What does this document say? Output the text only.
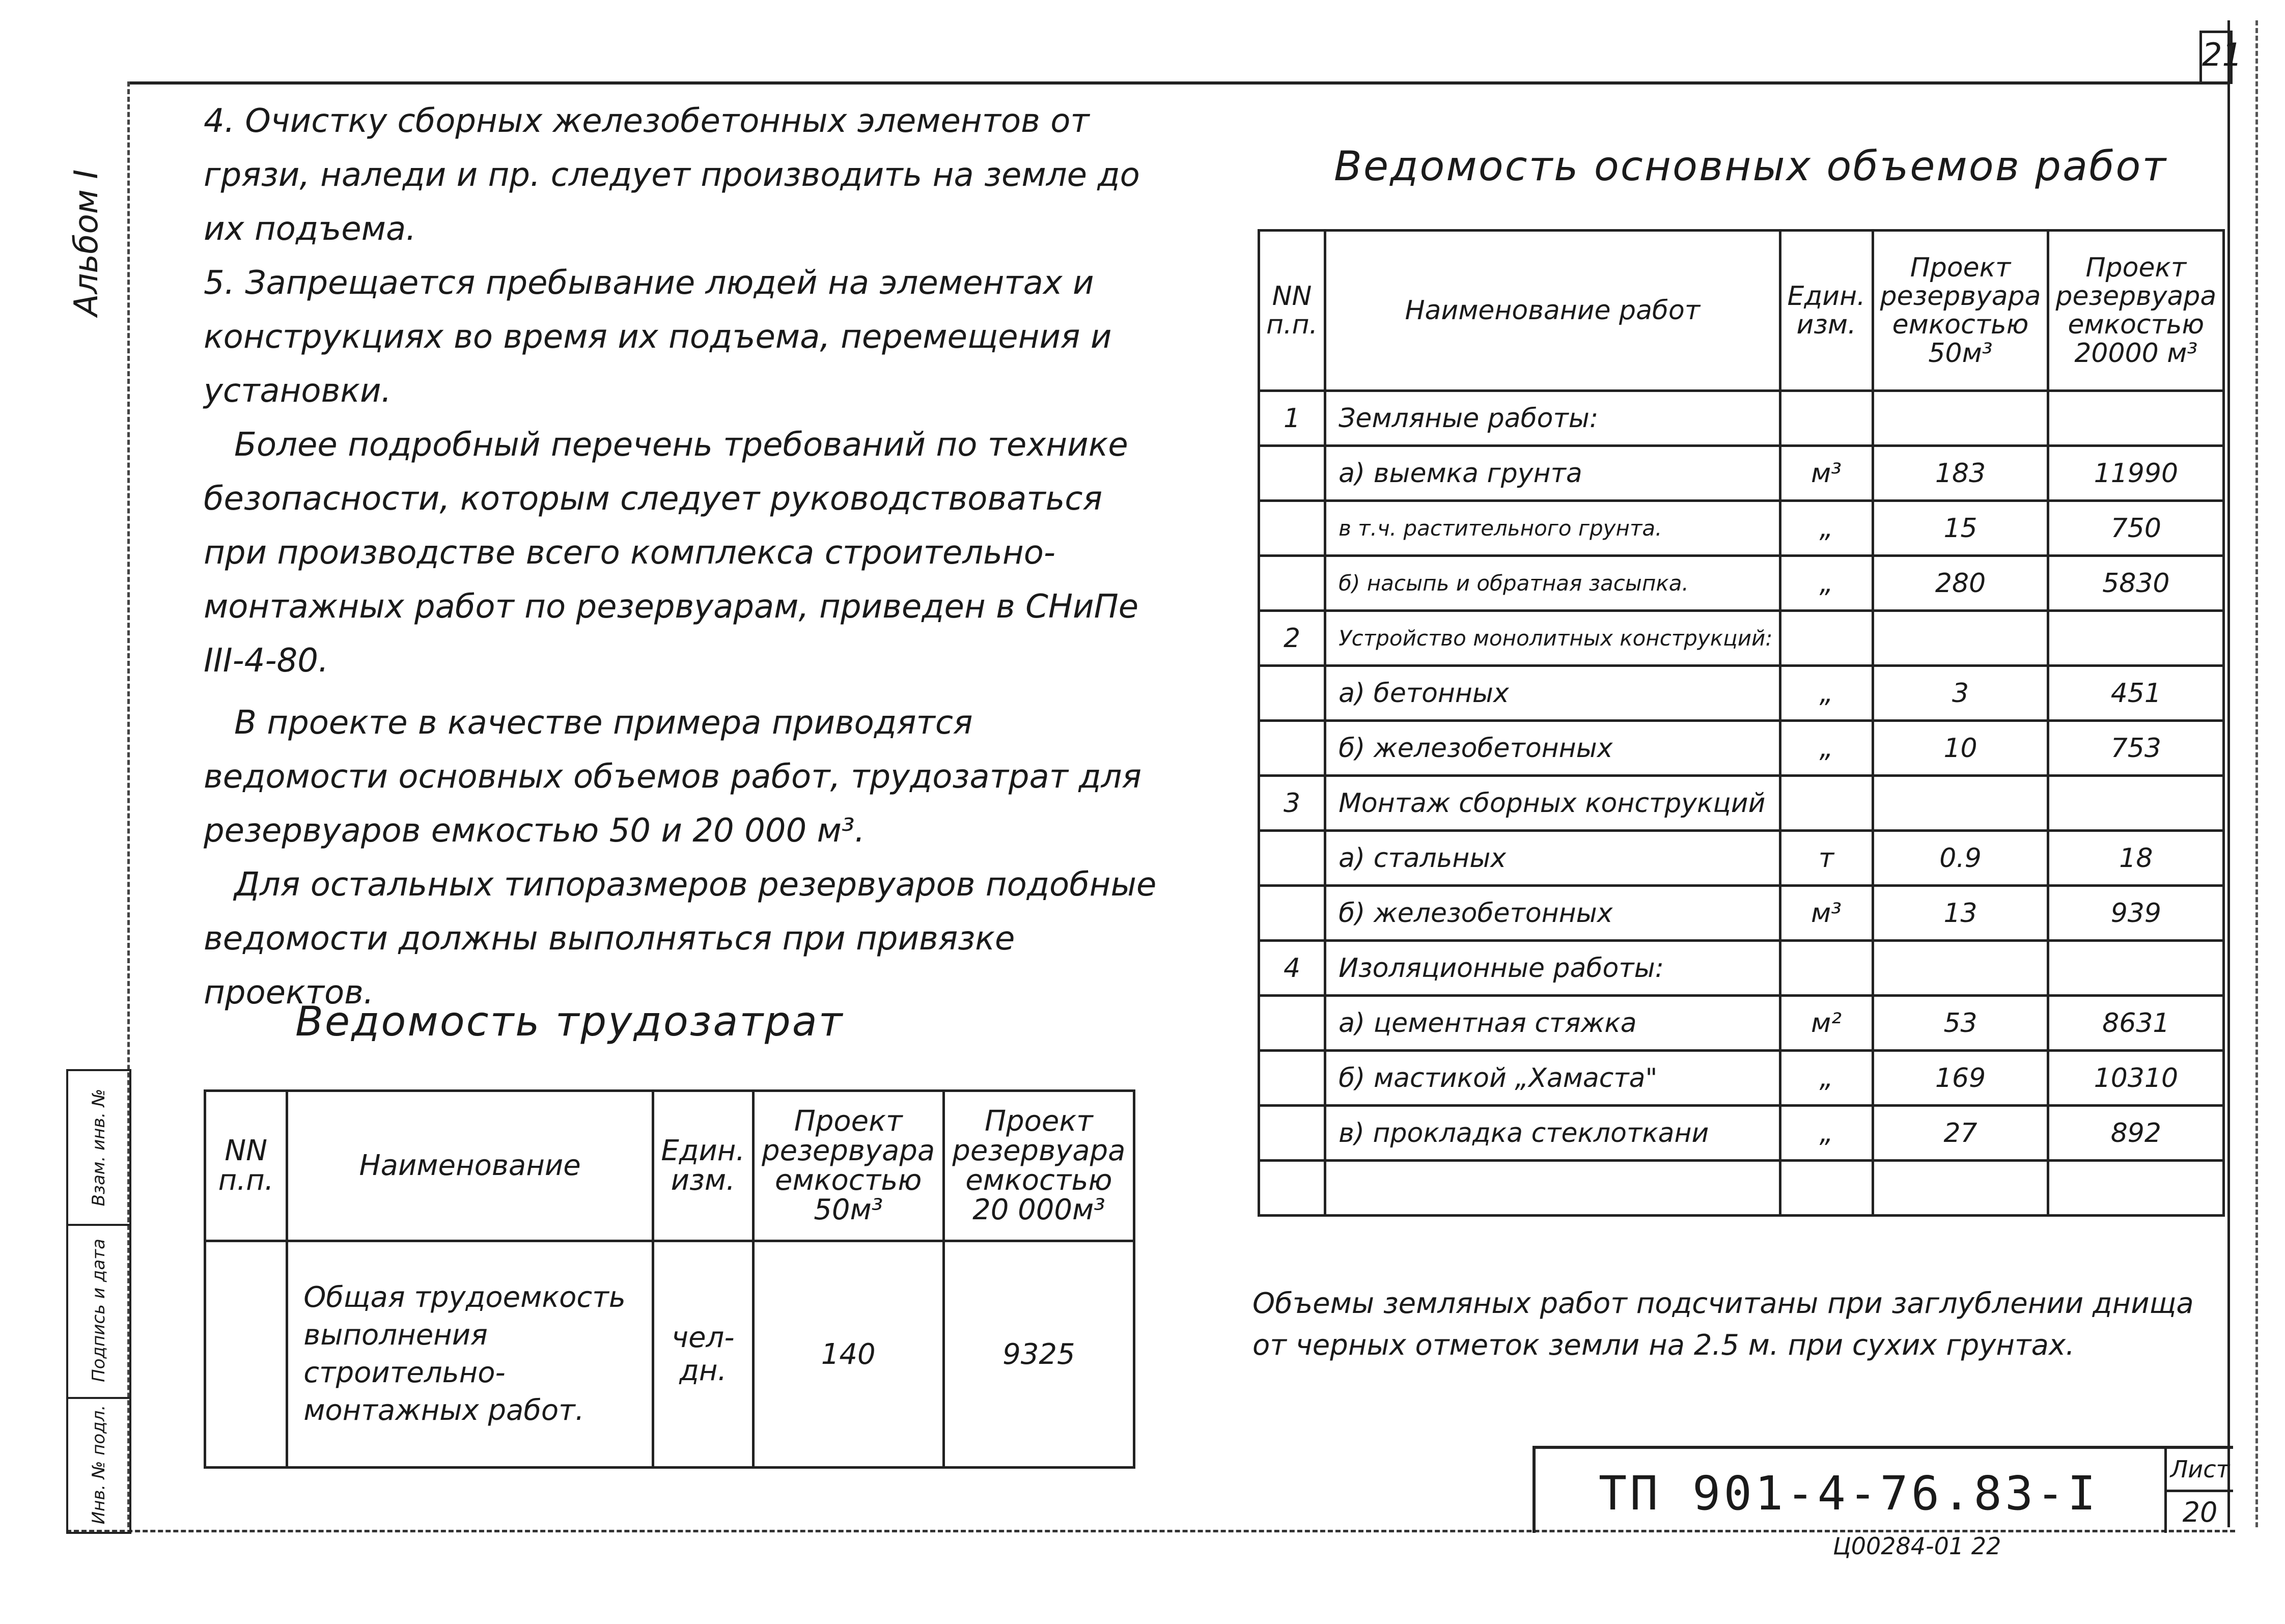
21
Альбом I
Взам. инв. №
Подпись и дата
Инв. № подл.

4. Очистку сборных железобетонных элементов от грязи, наледи и пр. следует производить на земле до их подъема.

5. Запрещается пребывание людей на элементах и конструкциях во время их подъема, перемещения и установки.

Более подробный перечень требований по технике безопасности, которым следует руководствоваться при производстве всего комплекса строительно-монтажных работ по резервуарам, приведен в СНиПе III-4-80.

В проекте в качестве примера приводятся ведомости основных объемов работ, трудозатрат для резервуаров емкостью 50 и 20 000 м³.

Для остальных типоразмеров резервуаров подобные ведомости должны выполняться при привязке проектов.

Ведомость трудозатрат
NN п.п.	Наименование	Един. изм.	Проект резервуара емкостью 50м³	Проект резервуара емкостью 20 000м³
	Общая трудоемкость выполнения строительно-монтажных работ.	чел-дн.	140	9325
Ведомость основных объемов работ
NN п.п.	Наименование работ	Един. изм.	Проект резервуара емкостью 50м³	Проект резервуара емкостью 20000 м³
1	Земляные работы:			
	а) выемка грунта	м³	183	11990
	в т.ч. растительного грунта.	„	15	750
	б) насыпь и обратная засыпка.	„	280	5830
2	Устройство монолитных конструкций:			
	а) бетонных	„	3	451
	б) железобетонных	„	10	753
3	Монтаж сборных конструкций			
	а) стальных	т	0.9	18
	б) железобетонных	м³	13	939
4	Изоляционные работы:			
	а) цементная стяжка	м²	53	8631
	б) мастикой „Хамаста"	„	169	10310
	в) прокладка стеклоткани	„	27	892

Объемы земляных работ подсчитаны при заглублении днища от черных отметок земли на 2.5 м. при сухих грунтах.
ТП 901-4-76.83-I	Лист
20
Ц00284-01 22
